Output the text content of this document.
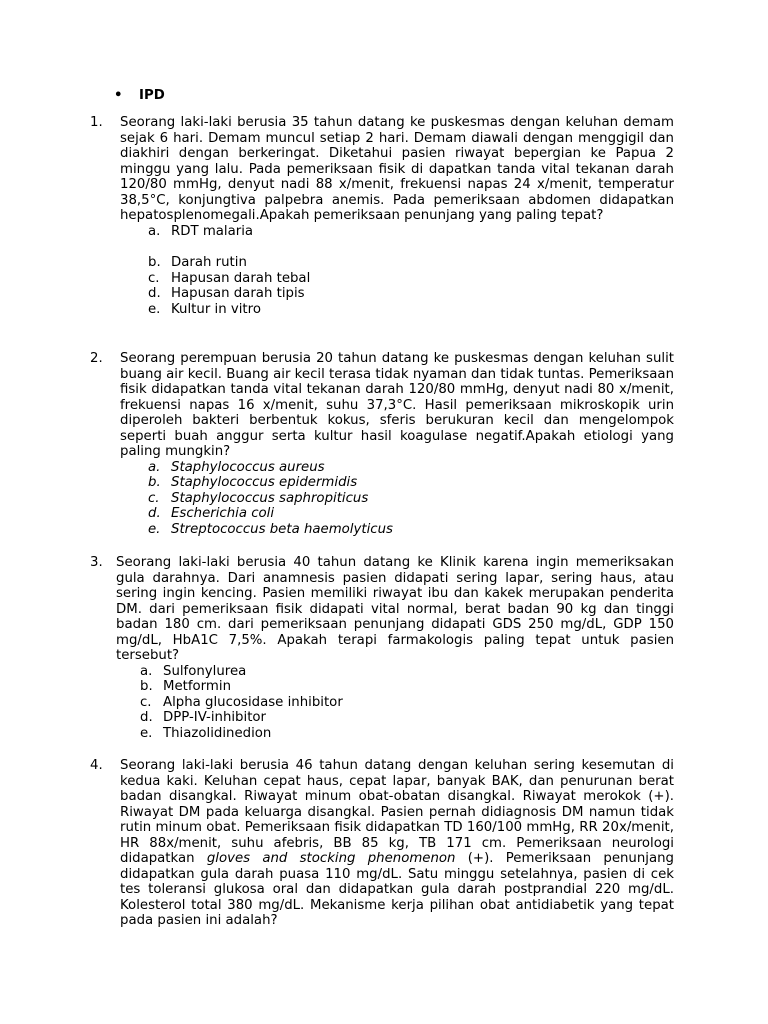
• IPD
1. Seorang laki-laki berusia 35 tahun datang ke puskesmas dengan keluhan demam sejak 6 hari. Demam muncul setiap 2 hari. Demam diawali dengan menggigil dan diakhiri dengan berkeringat. Diketahui pasien riwayat bepergian ke Papua 2 minggu yang lalu. Pada pemeriksaan fisik di dapatkan tanda vital tekanan darah 120/80 mmHg, denyut nadi 88 x/menit, frekuensi napas 24 x/menit, temperatur 38,5°C, konjungtiva palpebra anemis. Pada pemeriksaan abdomen didapatkan hepatosplenomegali.Apakah pemeriksaan penunjang yang paling tepat?
a. RDT malaria
b. Darah rutin
c. Hapusan darah tebal
d. Hapusan darah tipis
e. Kultur in vitro
2. Seorang perempuan berusia 20 tahun datang ke puskesmas dengan keluhan sulit buang air kecil. Buang air kecil terasa tidak nyaman dan tidak tuntas. Pemeriksaan fisik didapatkan tanda vital tekanan darah 120/80 mmHg, denyut nadi 80 x/menit, frekuensi napas 16 x/menit, suhu 37,3°C. Hasil pemeriksaan mikroskopik urin diperoleh bakteri berbentuk kokus, sferis berukuran kecil dan mengelompok seperti buah anggur serta kultur hasil koagulase negatif.Apakah etiologi yang paling mungkin?
a. Staphylococcus aureus
b. Staphylococcus epidermidis
c. Staphylococcus saphropiticus
d. Escherichia coli
e. Streptococcus beta haemolyticus
3. Seorang laki-laki berusia 40 tahun datang ke Klinik karena ingin memeriksakan gula darahnya. Dari anamnesis pasien didapati sering lapar, sering haus, atau sering ingin kencing. Pasien memiliki riwayat ibu dan kakek merupakan penderita DM. dari pemeriksaan fisik didapati vital normal, berat badan 90 kg dan tinggi badan 180 cm. dari pemeriksaan penunjang didapati GDS 250 mg/dL, GDP 150 mg/dL, HbA1C 7,5%. Apakah terapi farmakologis paling tepat untuk pasien tersebut?
a. Sulfonylurea
b. Metformin
c. Alpha glucosidase inhibitor
d. DPP-IV-inhibitor
e. Thiazolidinedion
4. Seorang laki-laki berusia 46 tahun datang dengan keluhan sering kesemutan di kedua kaki. Keluhan cepat haus, cepat lapar, banyak BAK, dan penurunan berat badan disangkal. Riwayat minum obat-obatan disangkal. Riwayat merokok (+). Riwayat DM pada keluarga disangkal. Pasien pernah didiagnosis DM namun tidak rutin minum obat. Pemeriksaan fisik didapatkan TD 160/100 mmHg, RR 20x/menit, HR 88x/menit, suhu afebris, BB 85 kg, TB 171 cm. Pemeriksaan neurologi didapatkan gloves and stocking phenomenon (+). Pemeriksaan penunjang didapatkan gula darah puasa 110 mg/dL. Satu minggu setelahnya, pasien di cek tes toleransi glukosa oral dan didapatkan gula darah postprandial 220 mg/dL. Kolesterol total 380 mg/dL. Mekanisme kerja pilihan obat antidiabetik yang tepat pada pasien ini adalah?
